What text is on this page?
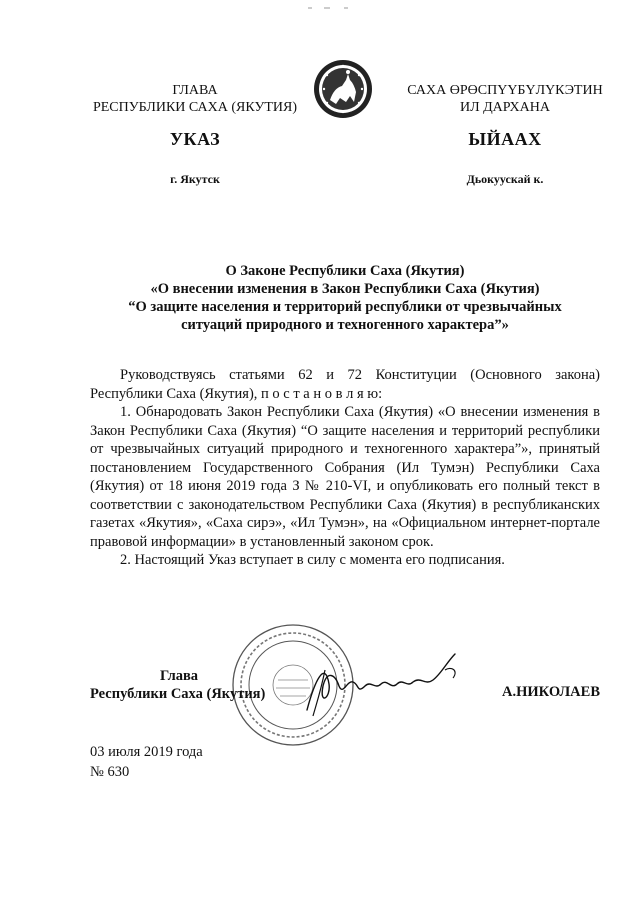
ГЛАВА
РЕСПУБЛИКИ САХА (ЯКУТИЯ)
САХА ӨРӨСПҮҮБҮЛҮКЭТИН
ИЛ ДАРХАНА
УКАЗ	ЫЙААХ
г. Якутск	Дьокуускай к.
О Законе Республики Саха (Якутия)
«О внесении изменения в Закон Республики Саха (Якутия)
“О защите населения и территорий республики от чрезвычайных
ситуаций природного и техногенного характера”»

Руководствуясь статьями 62 и 72 Конституции (Основного закона) Республики Саха (Якутия), п о с т а н о в л я ю:

1. Обнародовать Закон Республики Саха (Якутия) «О внесении изменения в Закон Республики Саха (Якутия) “О защите населения и территорий республики от чрезвычайных ситуаций природного и техногенного характера”», принятый постановлением Государственного Собрания (Ил Тумэн) Республики Саха (Якутия) от 18 июня 2019 года З № 210-VI, и опубликовать его полный текст в соответствии с законодательством Республики Саха (Якутия) в республиканских газетах «Якутия», «Саха сирэ», «Ил Тумэн», на «Официальном интернет-портале правовой информации» в установленный законом срок.

2. Настоящий Указ вступает в силу с момента его подписания.

Глава
Республики Саха (Якутия)	А.НИКОЛАЕВ
03 июля 2019 года
№ 630
